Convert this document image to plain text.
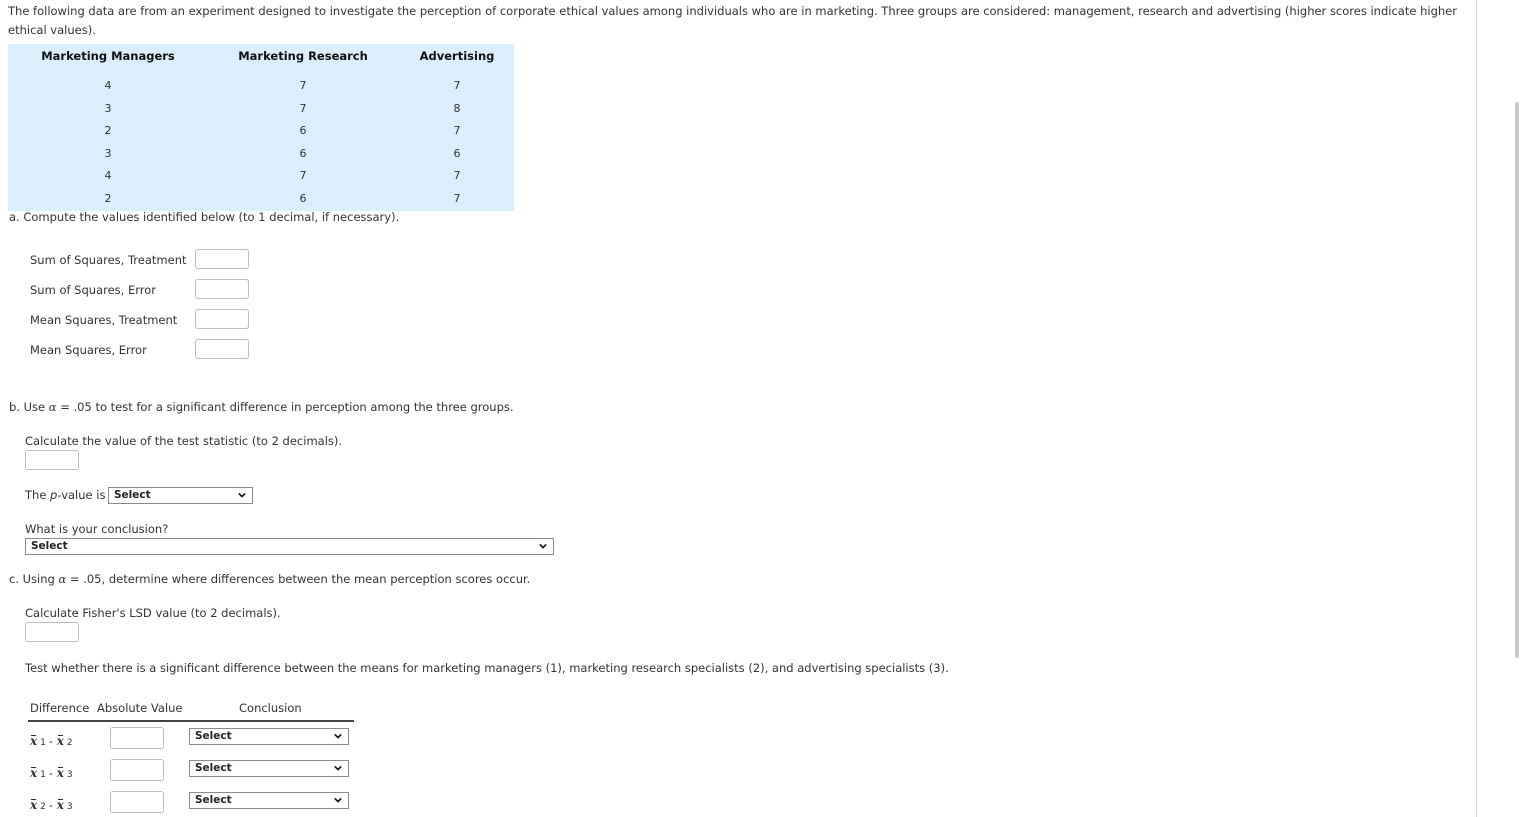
The following data are from an experiment designed to investigate the perception of corporate ethical values among individuals who are in marketing. Three groups are considered: management, research and advertising (higher scores indicate higher ethical values).
Marketing Managers
4
3
2
3
4
2
Marketing Research
7
7
6
6
7
6
Advertising
7
8
7
6
7
7
a. Compute the values identified below (to 1 decimal, if necessary).
Sum of Squares, Treatment
Sum of Squares, Error
Mean Squares, Treatment
Mean Squares, Error
b. Use α = .05 to test for a significant difference in perception among the three groups.
Calculate the value of the test statistic (to 2 decimals).
The p-value is Select
What is your conclusion?
Select
c. Using α = .05, determine where differences between the mean perception scores occur.
Calculate Fisher's LSD value (to 2 decimals).
Test whether there is a significant difference between the means for marketing managers (1), marketing research specialists (2), and advertising specialists (3).
Difference Absolute Value	Conclusion
x 1 - x 2
Select
x 1 - x 3
Select
x 2 - x 3
Select
